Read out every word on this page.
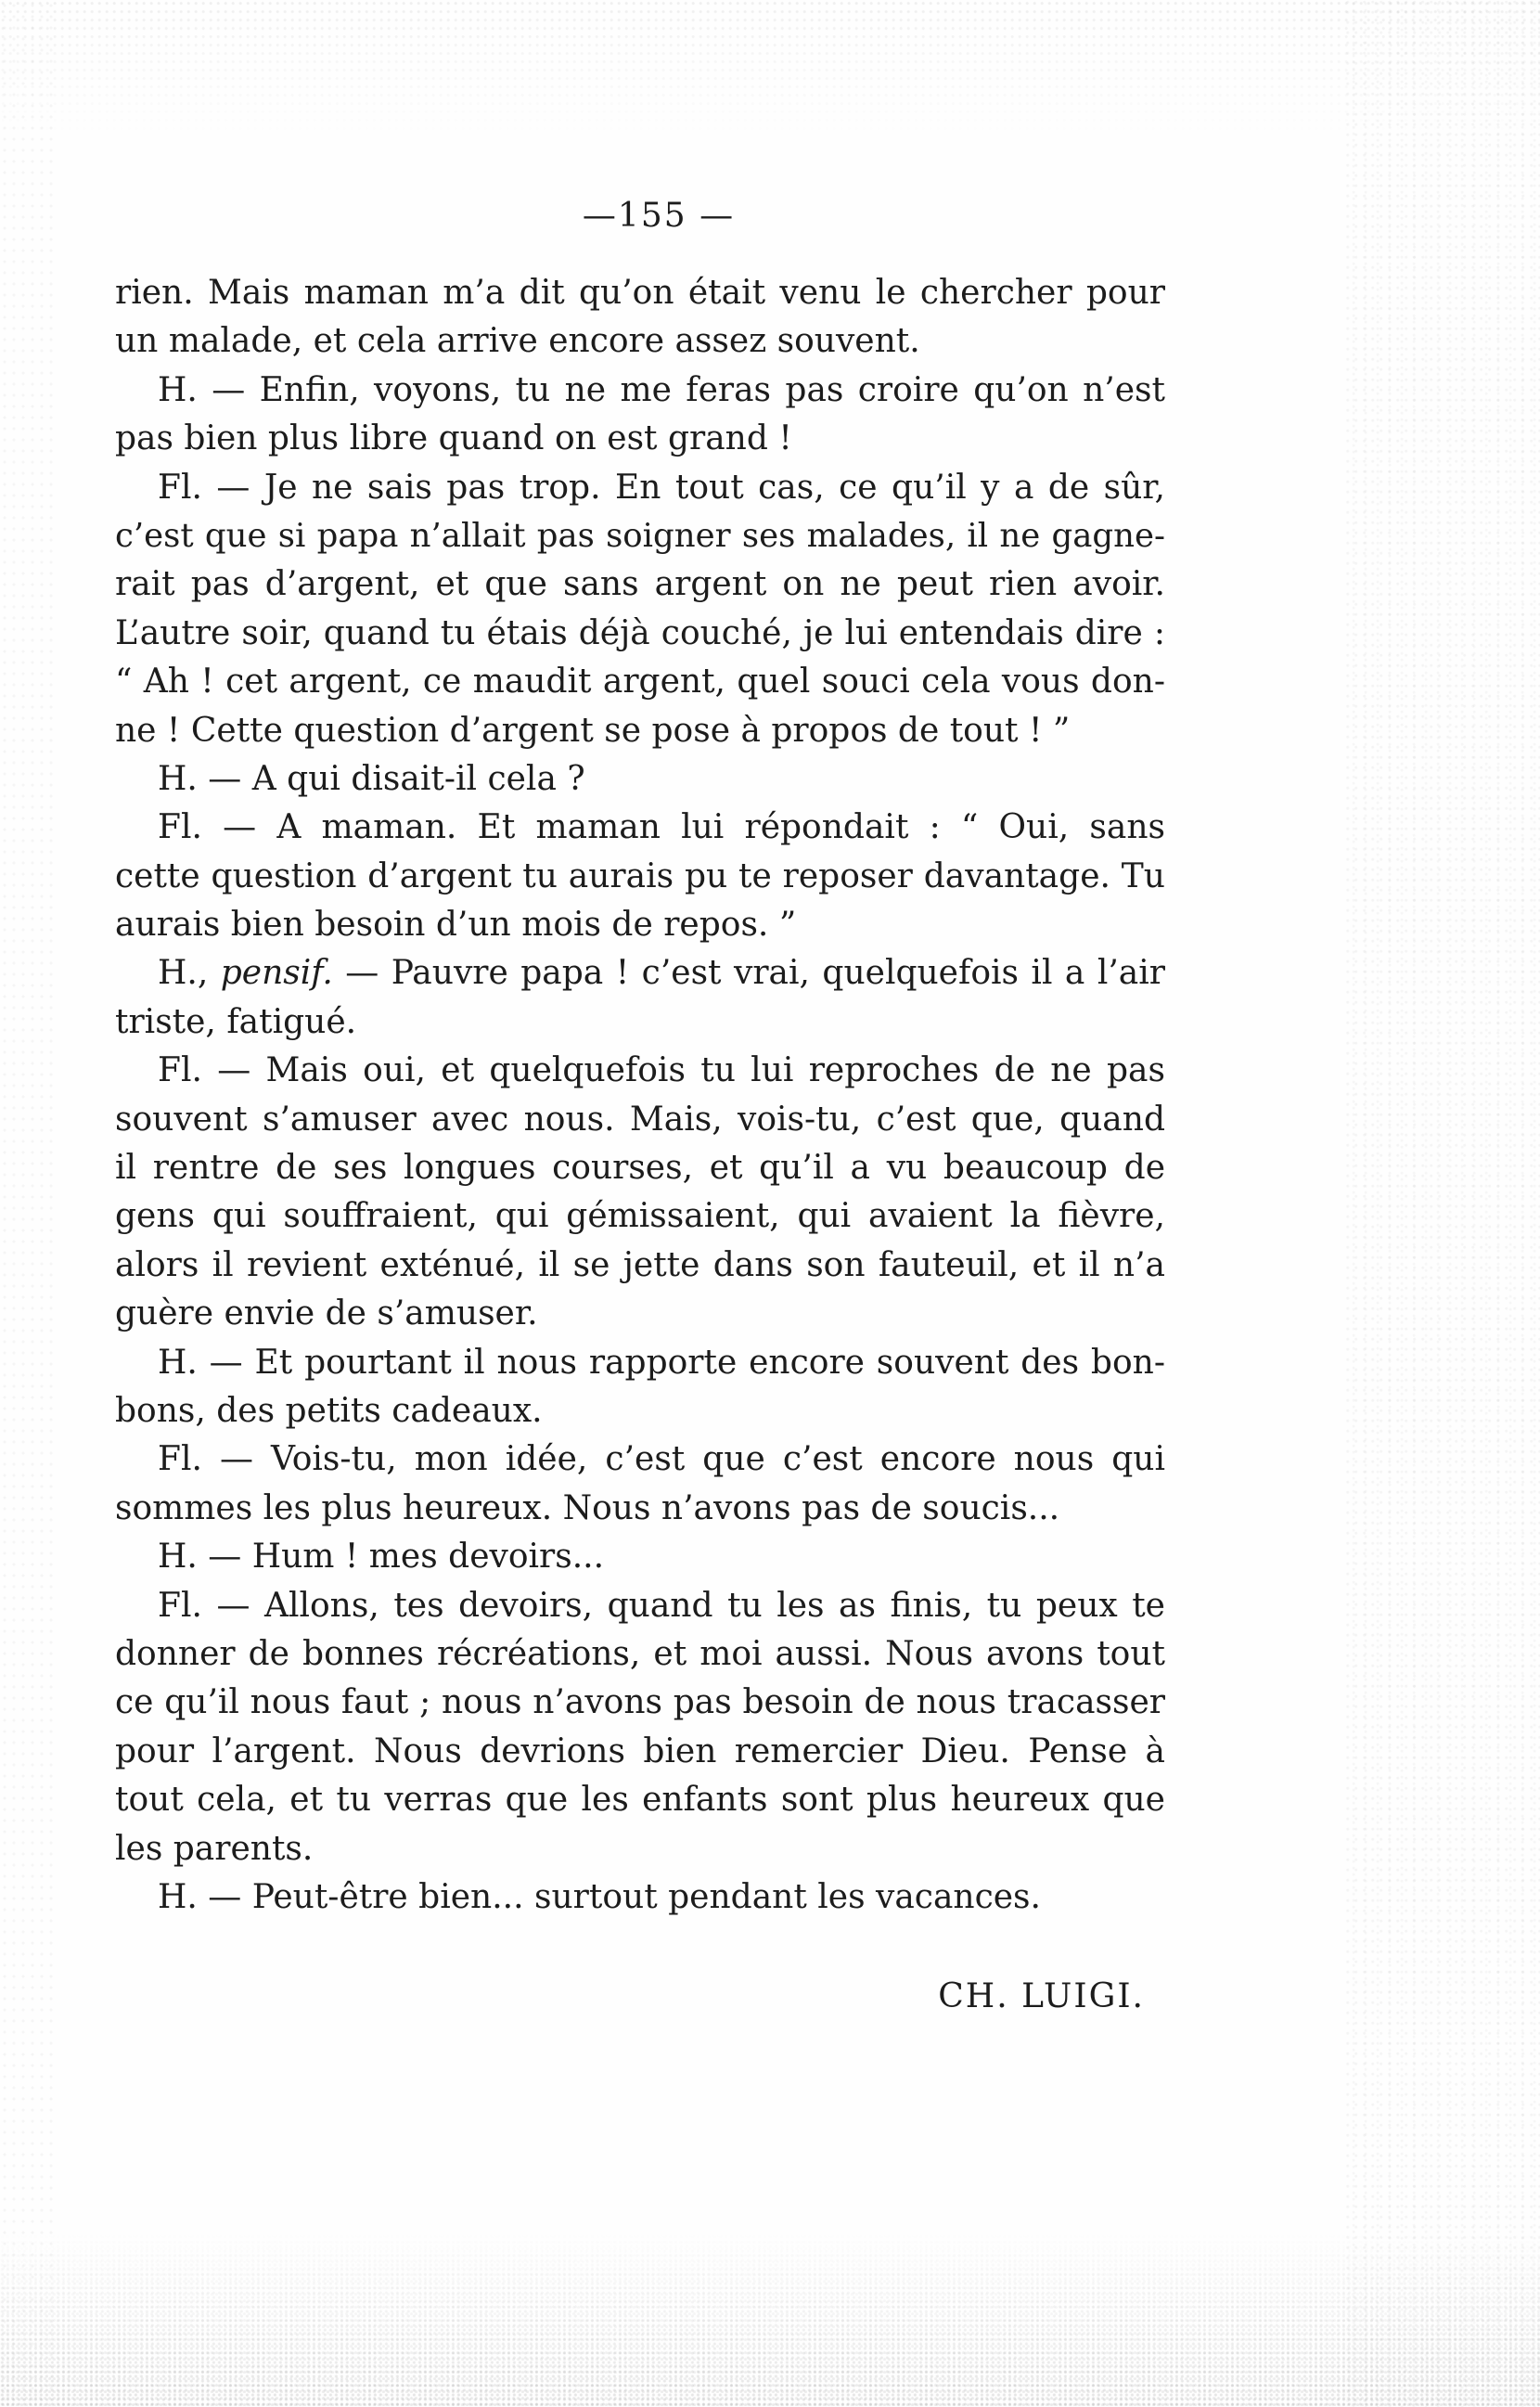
—155 —
rien. Mais maman m’a dit qu’on était venu le chercher pour
un malade, et cela arrive encore assez souvent.
H. — Enfin, voyons, tu ne me feras pas croire qu’on n’est
pas bien plus libre quand on est grand !
Fl. — Je ne sais pas trop. En tout cas, ce qu’il y a de sûr,
c’est que si papa n’allait pas soigner ses malades, il ne gagne-
rait pas d’argent, et que sans argent on ne peut rien avoir.
L’autre soir, quand tu étais déjà couché, je lui entendais dire :
“ Ah ! cet argent, ce maudit argent, quel souci cela vous don-
ne ! Cette question d’argent se pose à propos de tout ! ”
H. — A qui disait-il cela ?
Fl. — A maman. Et maman lui répondait : “ Oui, sans
cette question d’argent tu aurais pu te reposer davantage. Tu
aurais bien besoin d’un mois de repos. ”
H., pensif. — Pauvre papa ! c’est vrai, quelquefois il a l’air
triste, fatigué.
Fl. — Mais oui, et quelquefois tu lui reproches de ne pas
souvent s’amuser avec nous. Mais, vois-tu, c’est que, quand
il rentre de ses longues courses, et qu’il a vu beaucoup de
gens qui souffraient, qui gémissaient, qui avaient la fièvre,
alors il revient exténué, il se jette dans son fauteuil, et il n’a
guère envie de s’amuser.
H. — Et pourtant il nous rapporte encore souvent des bon-
bons, des petits cadeaux.
Fl. — Vois-tu, mon idée, c’est que c’est encore nous qui
sommes les plus heureux. Nous n’avons pas de soucis...
H. — Hum ! mes devoirs...
Fl. — Allons, tes devoirs, quand tu les as finis, tu peux te
donner de bonnes récréations, et moi aussi. Nous avons tout
ce qu’il nous faut ; nous n’avons pas besoin de nous tracasser
pour l’argent. Nous devrions bien remercier Dieu. Pense à
tout cela, et tu verras que les enfants sont plus heureux que
les parents.
H. — Peut-être bien... surtout pendant les vacances.
CH. LUIGI.
